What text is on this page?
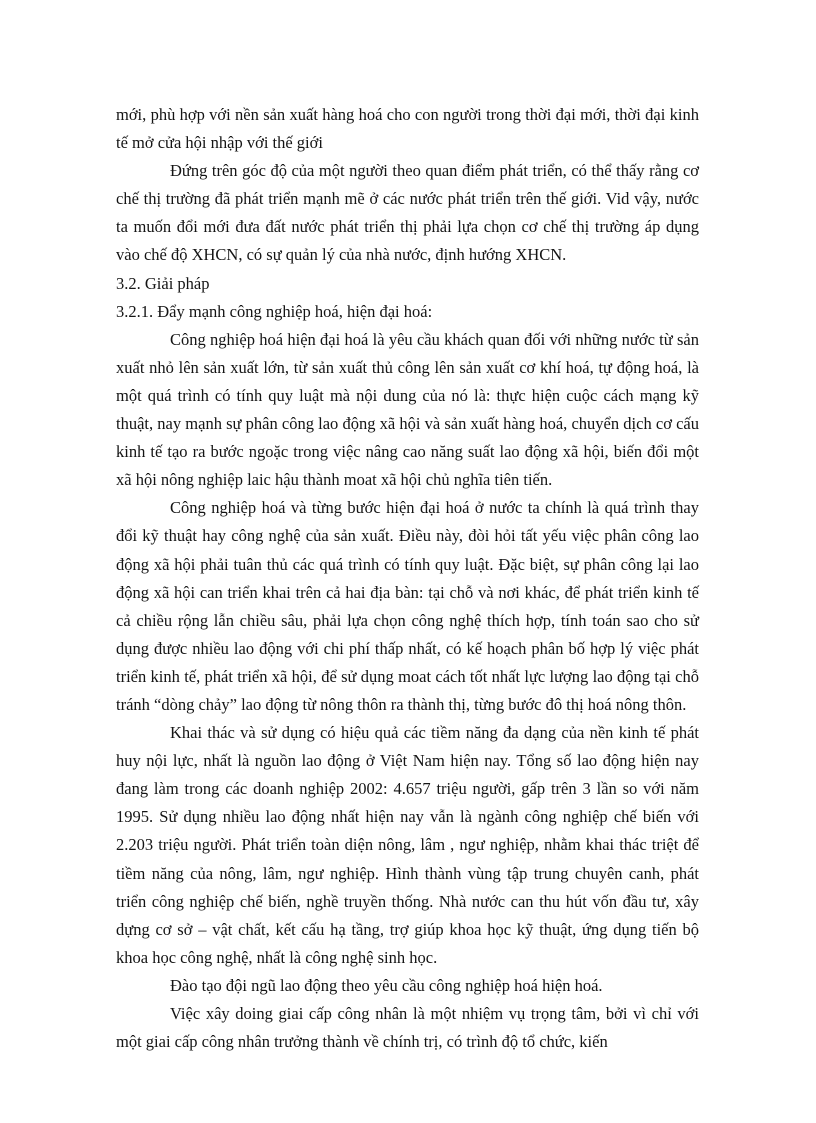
mới, phù hợp với nền sản xuất hàng hoá cho con người trong thời đại mới, thời đại kinh tế mở cửa hội nhập với thế giới

Đứng trên góc độ của một người theo quan điểm phát triển, có thể thấy rằng cơ chế thị trường đã phát triển mạnh mẽ ở các nước phát triển trên thế giới. Vid vậy, nước ta muốn đổi mới đưa đất nước phát triển thị phải lựa chọn cơ chế thị trường áp dụng vào chế độ XHCN, có sự quản lý của nhà nước, định hướng XHCN.

3.2. Giải pháp

3.2.1. Đẩy mạnh công nghiệp hoá, hiện đại hoá:

Công nghiệp hoá hiện đại hoá là yêu cầu khách quan đối với những nước từ sản xuất nhỏ lên sản xuất lớn, từ sản xuất thủ công lên sản xuất cơ khí hoá, tự động hoá, là một quá trình có tính quy luật mà nội dung của nó là: thực hiện cuộc cách mạng kỹ thuật, nay mạnh sự phân công lao động xã hội và sản xuất hàng hoá, chuyển dịch cơ cấu kinh tế tạo ra bước ngoặc trong việc nâng cao năng suất lao động xã hội, biến đổi một xã hội nông nghiệp laic hậu thành moat xã hội chủ nghĩa tiên tiến.

Công nghiệp hoá và từng bước hiện đại hoá ở nước ta chính là quá trình thay đổi kỹ thuật hay công nghệ của sản xuất. Điều này, đòi hỏi tất yếu việc phân công lao động xã hội phải tuân thủ các quá trình có tính quy luật. Đặc biệt, sự phân công lại lao động xã hội can triển khai trên cả hai địa bàn: tại chỗ và nơi khác, để phát triển kinh tế cả chiều rộng lẫn chiều sâu, phải lựa chọn công nghệ thích hợp, tính toán sao cho sử dụng được nhiều lao động với chi phí thấp nhất, có kế hoạch phân bố hợp lý việc phát triển kinh tế, phát triển xã hội, để sử dụng moat cách tốt nhất lực lượng lao động tại chỗ tránh “dòng chảy” lao động từ nông thôn ra thành thị, từng bước đô thị hoá nông thôn.

Khai thác và sử dụng có hiệu quả các tiềm năng đa dạng của nền kinh tế phát huy nội lực, nhất là nguồn lao động ở Việt Nam hiện nay. Tổng số lao động hiện nay đang làm trong các doanh nghiệp 2002: 4.657 triệu người, gấp trên 3 lần so với năm 1995. Sử dụng nhiều lao động nhất hiện nay vẫn là ngành công nghiệp chế biến với 2.203 triệu người. Phát triển toàn diện nông, lâm , ngư nghiệp, nhằm khai thác triệt để tiềm năng của nông, lâm, ngư nghiệp. Hình thành vùng tập trung chuyên canh, phát triển công nghiệp chế biến, nghề truyền thống. Nhà nước can thu hút vốn đầu tư, xây dựng cơ sở – vật chất, kết cấu hạ tầng, trợ giúp khoa học kỹ thuật, ứng dụng tiến bộ khoa học công nghệ, nhất là công nghệ sinh học.

Đào tạo đội ngũ lao động theo yêu cầu công nghiệp hoá hiện hoá.

Việc xây doing giai cấp công nhân là một nhiệm vụ trọng tâm, bởi vì chỉ với một giai cấp công nhân trưởng thành về chính trị, có trình độ tổ chức, kiến
